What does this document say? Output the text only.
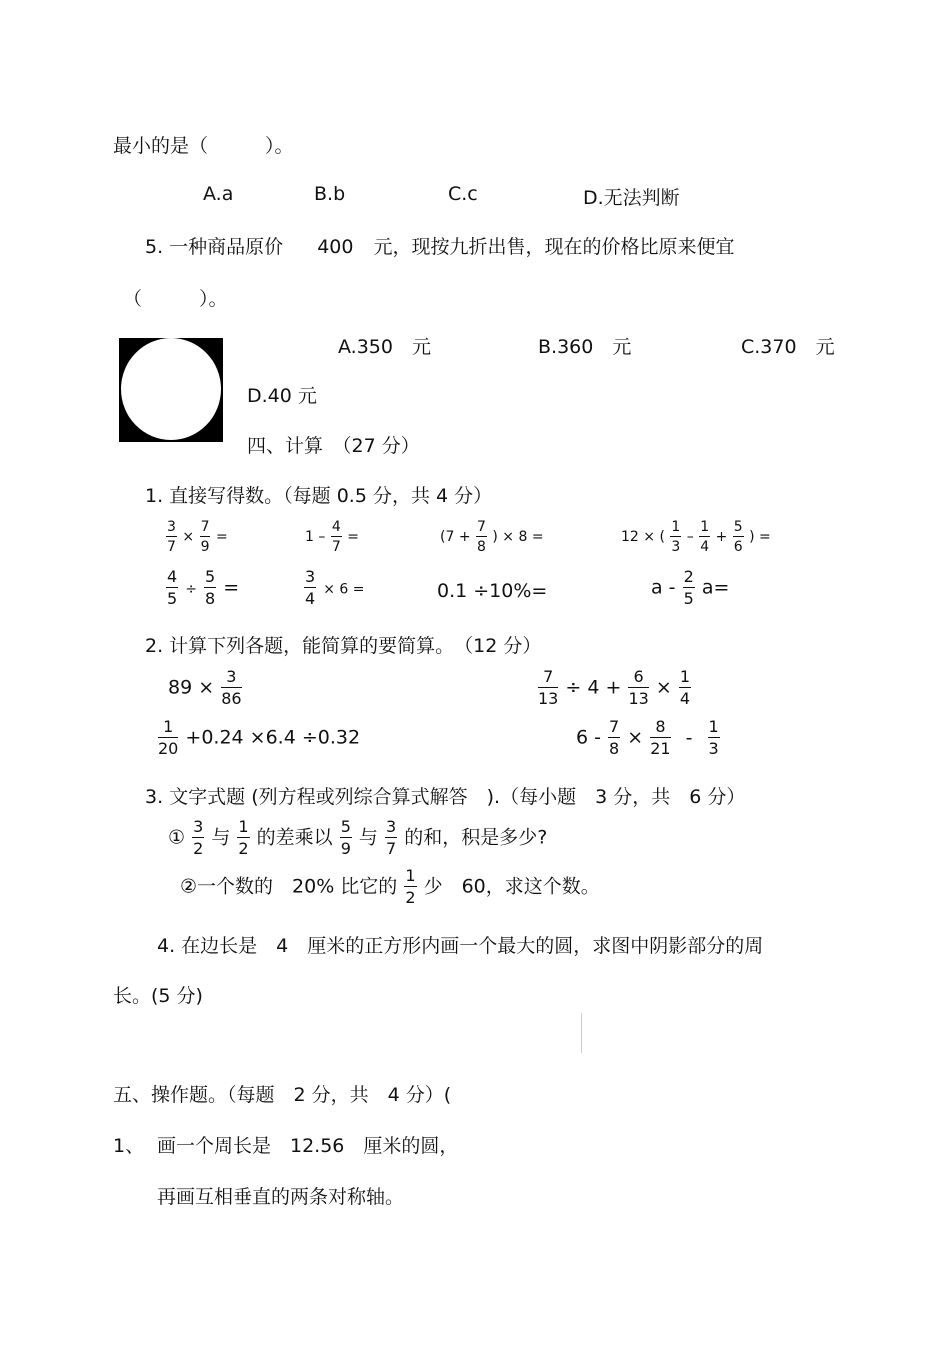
最小的是（　　　）。
A.a	B.b	C.c	D.无法判断
5. 一种商品原价 400 元，现按九折出售，现在的价格比原来便宜
（　　　）。
A.350　元	B.360　元	C.370　元
D.40 元
四、计算　（27 分）
1. 直接写得数。（每题 0.5 分，共 4 分）
$\frac{3}{7} \times \frac{7}{9}$ =	$1 - \frac{4}{7}$ =	($7 + \frac{7}{8}$ ) × 8 =	12 × ( $\frac{1}{3} - \frac{1}{4} + \frac{5}{6}$ ) =
$\frac{4}{5} \div \frac{5}{8}$ =	$\frac{3}{4} \times 6$ =	0.1 ÷10%=	$a - \frac{2}{5} a=$
2. 计算下列各题，能简算的要简算。　（12 分）
$89 \times \frac{3}{86}$	$\frac{7}{13} \div 4 + \frac{6}{13} \times \frac{1}{4}$
$\frac{1}{20} +0.24 \times 6.4 \div 0.32$	$6 - \frac{7}{8} \times \frac{8}{21} - \frac{1}{3}$
3. 文字式题 (列方程或列综合算式解答　).（每小题　3 分，共　6 分）
① $\frac{3}{2}$ 与 $\frac{1}{2}$ 的差乘以 $\frac{5}{9}$ 与 $\frac{3}{7}$ 的和，积是多少?
②一个数的　20% 比它的 $\frac{1}{2}$ 少　60，求这个数。
4. 在边长是　4　厘米的正方形内画一个最大的圆，求图中阴影部分的周
长。(5 分)
五、操作题。（每题　2 分，共　4 分）(
1、 画一个周长是　12.56　厘米的圆，
再画互相垂直的两条对称轴。
